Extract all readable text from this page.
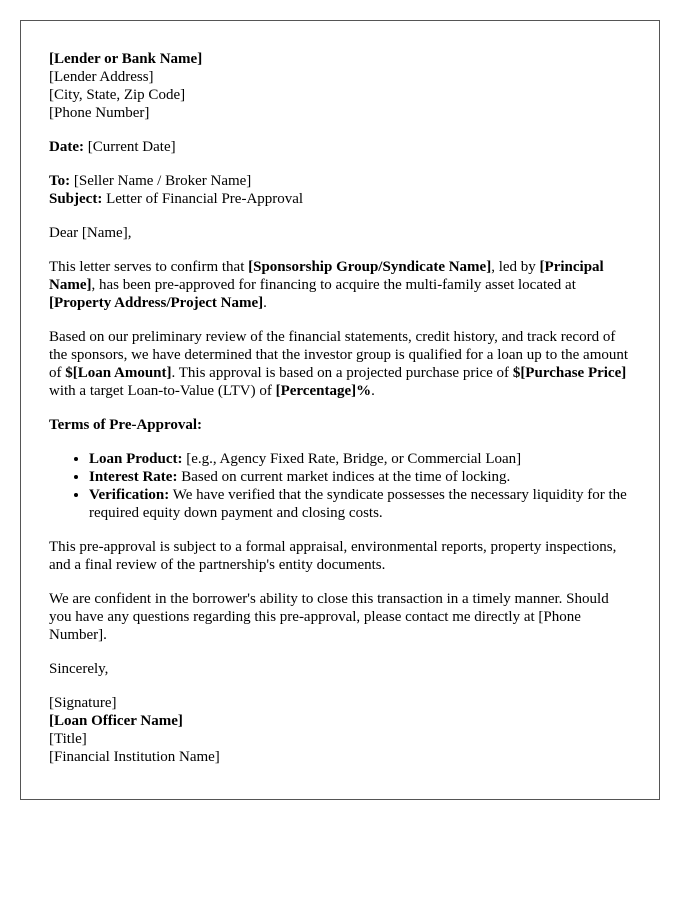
[Lender or Bank Name]
[Lender Address]
[City, State, Zip Code]
[Phone Number]

Date: [Current Date]

To: [Seller Name / Broker Name]
Subject: Letter of Financial Pre-Approval

Dear [Name],

This letter serves to confirm that [Sponsorship Group/Syndicate Name], led by [Principal Name], has been pre-approved for financing to acquire the multi-family asset located at [Property Address/Project Name].

Based on our preliminary review of the financial statements, credit history, and track record of the sponsors, we have determined that the investor group is qualified for a loan up to the amount of $[Loan Amount]. This approval is based on a projected purchase price of $[Purchase Price] with a target Loan-to-Value (LTV) of [Percentage]%.

Terms of Pre-Approval:

• Loan Product: [e.g., Agency Fixed Rate, Bridge, or Commercial Loan]
• Interest Rate: Based on current market indices at the time of locking.
• Verification: We have verified that the syndicate possesses the necessary liquidity for the required equity down payment and closing costs.

This pre-approval is subject to a formal appraisal, environmental reports, property inspections, and a final review of the partnership's entity documents.

We are confident in the borrower's ability to close this transaction in a timely manner. Should you have any questions regarding this pre-approval, please contact me directly at [Phone Number].

Sincerely,

[Signature]
[Loan Officer Name]
[Title]
[Financial Institution Name]
